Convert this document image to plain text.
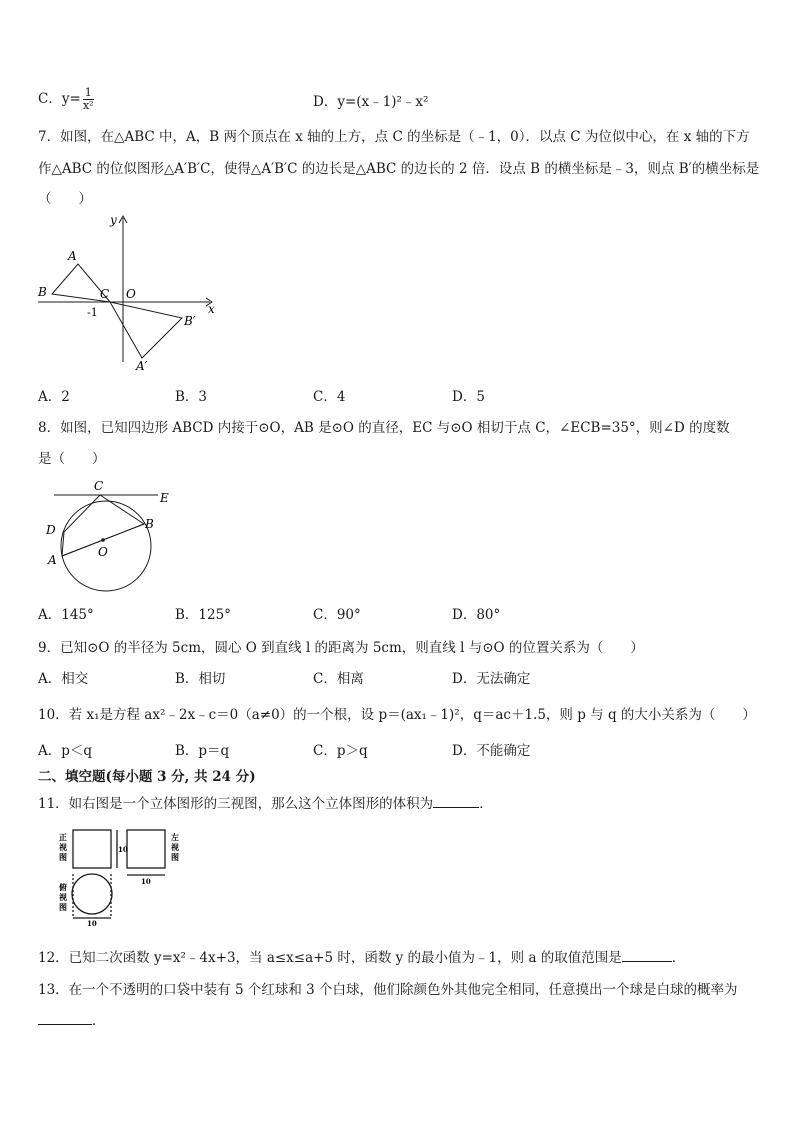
C．$y= \frac{1}{\text{x²}}$	D．y=(x﹣1)²﹣x²
7．如图，在△ABC 中，A，B 两个顶点在 x 轴的上方，点 C 的坐标是（﹣1，0）．以点 C 为位似中心，在 x 轴的下方
作△ABC 的位似图形△A′B′C，使得△A′B′C 的边长是△ABC 的边长的 2 倍．设点 B 的横坐标是﹣3，则点 B′的横坐标是
（　　）
A
B	C O
x
y
-1
B′
A′
A．2	B．3	C．4	D．5
8．如图，已知四边形 ABCD 内接于⊙O，AB 是⊙O 的直径，EC 与⊙O 相切于点 C，∠ECB=35°，则∠D 的度数
是（　　）
C
E
D	B
A
O
A．145°	B．125°	C．90°	D．80°
9．已知⊙O 的半径为 5cm，圆心 O 到直线 l 的距离为 5cm，则直线 l 与⊙O 的位置关系为（　　）
A．相交	B．相切	C．相离	D．无法确定
10．若 x₁是方程 ax²﹣2x﹣c＝0（a≠0）的一个根，设 p＝(ax₁﹣1)²，q＝ac＋1.5，则 p 与 q 的大小关系为（　　）
A．p＜q	B．p＝q	C．p＞q	D．不能确定
二、填空题(每小题 3 分, 共 24 分)
11．如右图是一个立体图形的三视图，那么这个立体图形的体积为	．
正
视
图
左
视
图
俯
视
图
10
10
10
12．已知二次函数 y=x²﹣4x+3，当 a≤x≤a+5 时，函数 y 的最小值为﹣1，则 a 的取值范围是	．
13．在一个不透明的口袋中装有 5 个红球和 3 个白球，他们除颜色外其他完全相同，任意摸出一个球是白球的概率为
．
